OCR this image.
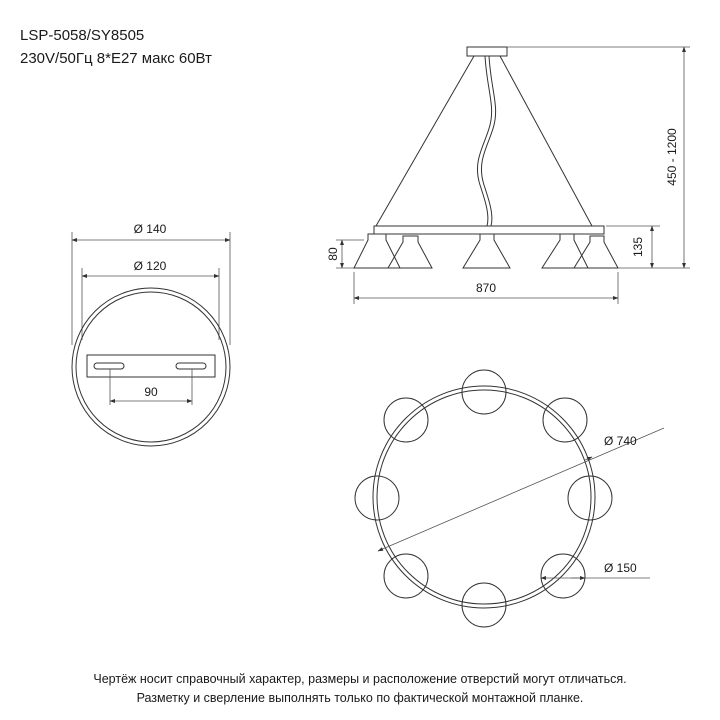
LSP-5058/SY8505
230V/50Гц 8*E27 макс 60Вт
Ø 140
Ø 120
90
80	135
450 - 1200
870
Ø 740
Ø 150
Чертёж носит справочный характер, размеры и расположение отверстий могут отличаться.
Разметку и сверление выполнять только по фактической монтажной планке.
